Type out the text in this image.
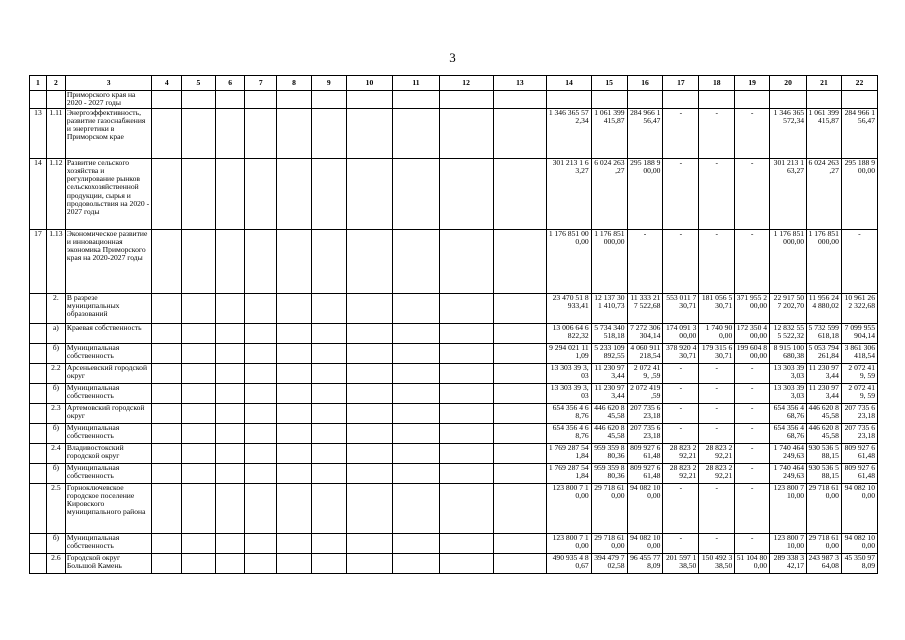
3
1	2	3	4	5	6	7	8	9	10	11	12	13	14	15	16	17	18	19	20	21	22
		Приморского края на 2020 - 2027 годы																			
13	1.11	Энергоэффективность, развитие газоснабжения и энергетики в Приморском крае											1 346 365 572,34	1 061 399 415,87	284 966 1 56,47	-	-	-	1 346 365 572,34	1 061 399 415,87	284 966 1 56,47
14	1.12	Развитие сельского хозяйства и регулирование рынков сельскохозяйственной продукции, сырья и продовольствия на 2020 - 2027 годы											301 213 1 63,27	6 024 263 ,27	295 188 9 00,00	-	-	-	301 213 1 63,27	6 024 263 ,27	295 188 9 00,00
17	1.13	Экономическое развитие и инновационная экономика Приморского края на 2020-2027 годы											1 176 851 000,00	1 176 851 000,00	-	-	-	-	1 176 851 000,00	1 176 851 000,00	-
	2.	В разрезе муниципальных образований											23 470 51 8 933,41	12 137 30 1 410,73	11 333 21 7 522,68	553 011 730,71	181 056 530,71	371 955 2 00,00	22 917 50 7 202,70	11 956 24 4 880,02	10 961 26 2 322,68
	а)	Краевая собственность											13 006 64 6 822,32	5 734 340 518,18	7 272 306 304,14	174 091 300,00	1 740 90 0,00	172 350 4 00,00	12 832 55 5 522,32	5 732 599 618,18	7 099 955 904,14
	б)	Муниципальная собственность											9 294 021 111,09	5 233 109 892,55	4 060 911 218,54	378 920 430,71	179 315 630,71	199 604 8 00,00	8 915 100 680,38	5 053 794 261,84	3 861 306 418,54
	2.2	Арсеньевский городской округ											13 303 39 3,03	11 230 97 3,44	2 072 419, ,59	-	-	-	13 303 39 3,03	11 230 97 3,44	2 072 419, 59
	б)	Муниципальная собственность											13 303 39 3,03	11 230 97 3,44	2 072 419 ,59	-	-	-	13 303 39 3,03	11 230 97 3,44	2 072 419, 59
	2.3	Артемовский городской округ											654 356 4 68,76	446 620 8 45,58	207 735 6 23,18	-	-	-	654 356 4 68,76	446 620 8 45,58	207 735 6 23,18
	б)	Муниципальная собственность											654 356 4 68,76	446 620 8 45,58	207 735 6 23,18	-	-	-	654 356 4 68,76	446 620 8 45,58	207 735 6 23,18
	2.4	Владивостокский городской округ											1 769 287 541,84	959 359 8 80,36	809 927 6 61,48	28 823 2 92,21	28 823 2 92,21	-	1 740 464 249,63	930 536 5 88,15	809 927 6 61,48
	б)	Муниципальная собственность											1 769 287 541,84	959 359 8 80,36	809 927 6 61,48	28 823 2 92,21	28 823 2 92,21	-	1 740 464 249,63	930 536 5 88,15	809 927 6 61,48
	2.5	Горноключевское городское поселение Кировского муниципального района											123 800 7 10,00	29 718 61 0,00	94 082 10 0,00	-	-	-	123 800 7 10,00	29 718 61 0,00	94 082 10 0,00
	б)	Муниципальная собственность											123 800 7 10,00	29 718 61 0,00	94 082 10 0,00	-	-	-	123 800 7 10,00	29 718 61 0,00	94 082 10 0,00
	2.6	Городской округ Большой Камень											490 935 4 80,67	394 479 7 02,58	96 455 77 8,09	201 597 138,50	150 492 338,50	51 104 80 0,00	289 338 3 42,17	243 987 3 64,08	45 350 97 8,09
